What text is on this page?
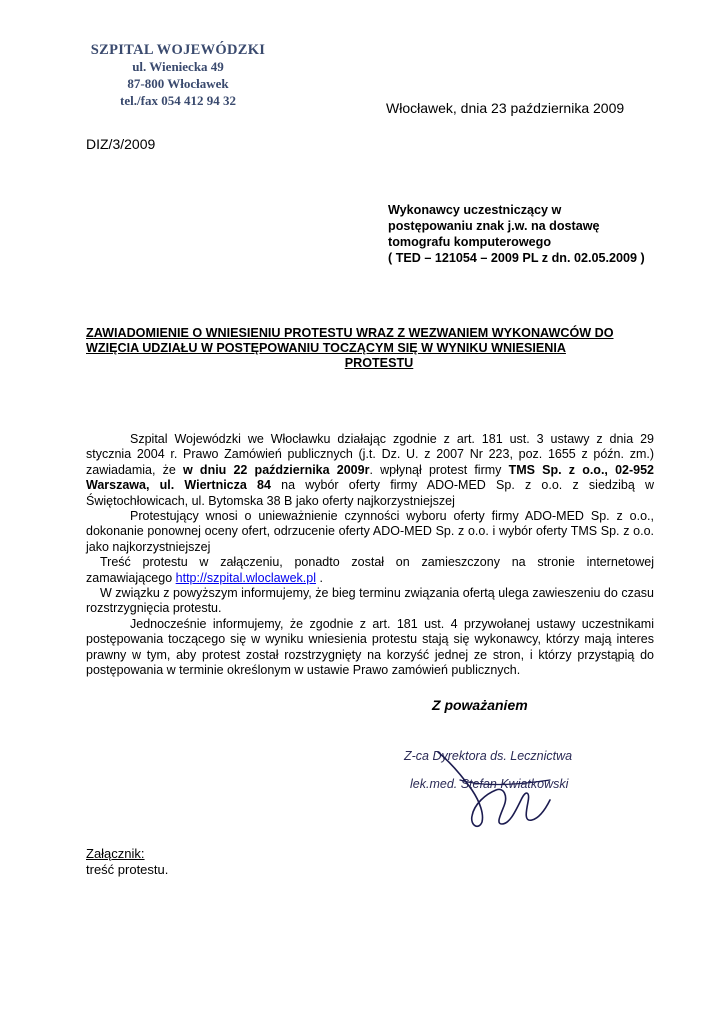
SZPITAL WOJEWÓDZKI
ul. Wieniecka 49
87-800 Włocławek
tel./fax 054 412 94 32	Włocławek, dnia 23 października 2009
DIZ/3/2009
Wykonawcy uczestniczący w
postępowaniu znak j.w. na dostawę
tomografu komputerowego
( TED – 121054 – 2009 PL z dn. 02.05.2009 )
ZAWIADOMIENIE O WNIESIENIU PROTESTU WRAZ Z WEZWANIEM WYKONAWCÓW DO
WZIĘCIA UDZIAŁU W POSTĘPOWANIU TOCZĄCYM SIĘ W WYNIKU WNIESIENIA
PROTESTU

Szpital Wojewódzki we Włocławku działając zgodnie z art. 181 ust. 3 ustawy z dnia 29 stycznia 2004 r. Prawo Zamówień publicznych (j.t. Dz. U. z 2007 Nr 223, poz. 1655 z późn. zm.) zawiadamia, że w dniu 22 października 2009r. wpłynął protest firmy TMS Sp. z o.o., 02-952 Warszawa, ul. Wiertnicza 84 na wybór oferty firmy ADO-MED Sp. z o.o. z siedzibą w Świętochłowicach, ul. Bytomska 38 B jako oferty najkorzystniejszej

Protestujący wnosi o unieważnienie czynności wyboru oferty firmy ADO-MED Sp. z o.o., dokonanie ponownej oceny ofert, odrzucenie oferty ADO-MED Sp. z o.o. i wybór oferty TMS Sp. z o.o. jako najkorzystniejszej

Treść protestu w załączeniu, ponadto został on zamieszczony na stronie internetowej zamawiającego http://szpital.wloclawek.pl .

W związku z powyższym informujemy, że bieg terminu związania ofertą ulega zawieszeniu do czasu rozstrzygnięcia protestu.

Jednocześnie informujemy, że zgodnie z art. 181 ust. 4 przywołanej ustawy uczestnikami postępowania toczącego się w wyniku wniesienia protestu stają się wykonawcy, którzy mają interes prawny w tym, aby protest został rozstrzygnięty na korzyść jednej ze stron, i którzy przystąpią do postępowania w terminie określonym w ustawie Prawo zamówień publicznych.

Z poważaniem
Z-ca Dyrektora ds. Lecznictwa
lek.med. Stefan Kwiatkowski
Załącznik:
treść protestu.
